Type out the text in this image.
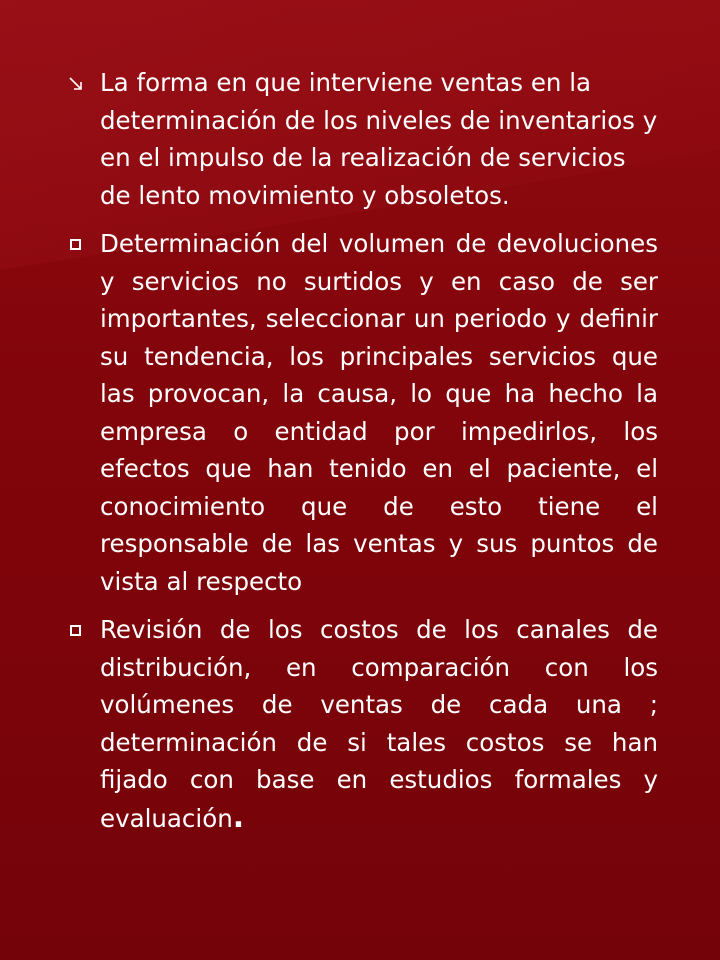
La forma en que interviene ventas en la determinación de los niveles de inventarios y en el impulso de la realización de servicios de lento movimiento y obsoletos.
Determinación del volumen de devoluciones y servicios no surtidos y en caso de ser importantes, seleccionar un periodo y definir su tendencia, los principales servicios que las provocan, la causa, lo que ha hecho la empresa o entidad por impedirlos, los efectos que han tenido en el paciente, el conocimiento que de esto tiene el responsable de las ventas y sus puntos de vista al respecto
Revisión de los costos de los canales de distribución, en comparación con los volúmenes de ventas de cada una ; determinación de si tales costos se han fijado con base en estudios formales y evaluación.
